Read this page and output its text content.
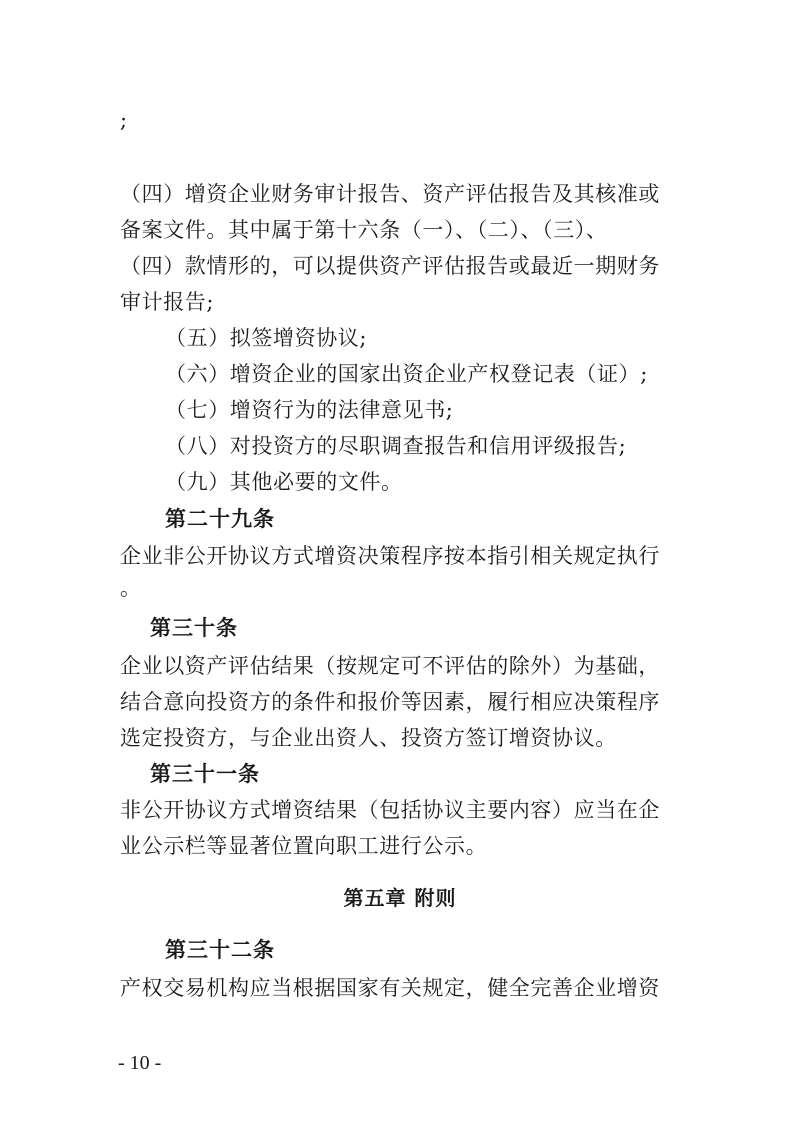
;
（四）增资企业财务审计报告、资产评估报告及其核准或
备案文件。其中属于第十六条（一）、（二）、（三）、
（四）款情形的，可以提供资产评估报告或最近一期财务
审计报告;
（五）拟签增资协议;
（六）增资企业的国家出资企业产权登记表（证）;
（七）增资行为的法律意见书;
（八）对投资方的尽职调查报告和信用评级报告;
（九）其他必要的文件。
第二十九条
企业非公开协议方式增资决策程序按本指引相关规定执行
。
第三十条
企业以资产评估结果（按规定可不评估的除外）为基础，
结合意向投资方的条件和报价等因素，履行相应决策程序
选定投资方，与企业出资人、投资方签订增资协议。
第三十一条
非公开协议方式增资结果（包括协议主要内容）应当在企
业公示栏等显著位置向职工进行公示。
第五章 附则
第三十二条
产权交易机构应当根据国家有关规定，健全完善企业增资
- 10 -
